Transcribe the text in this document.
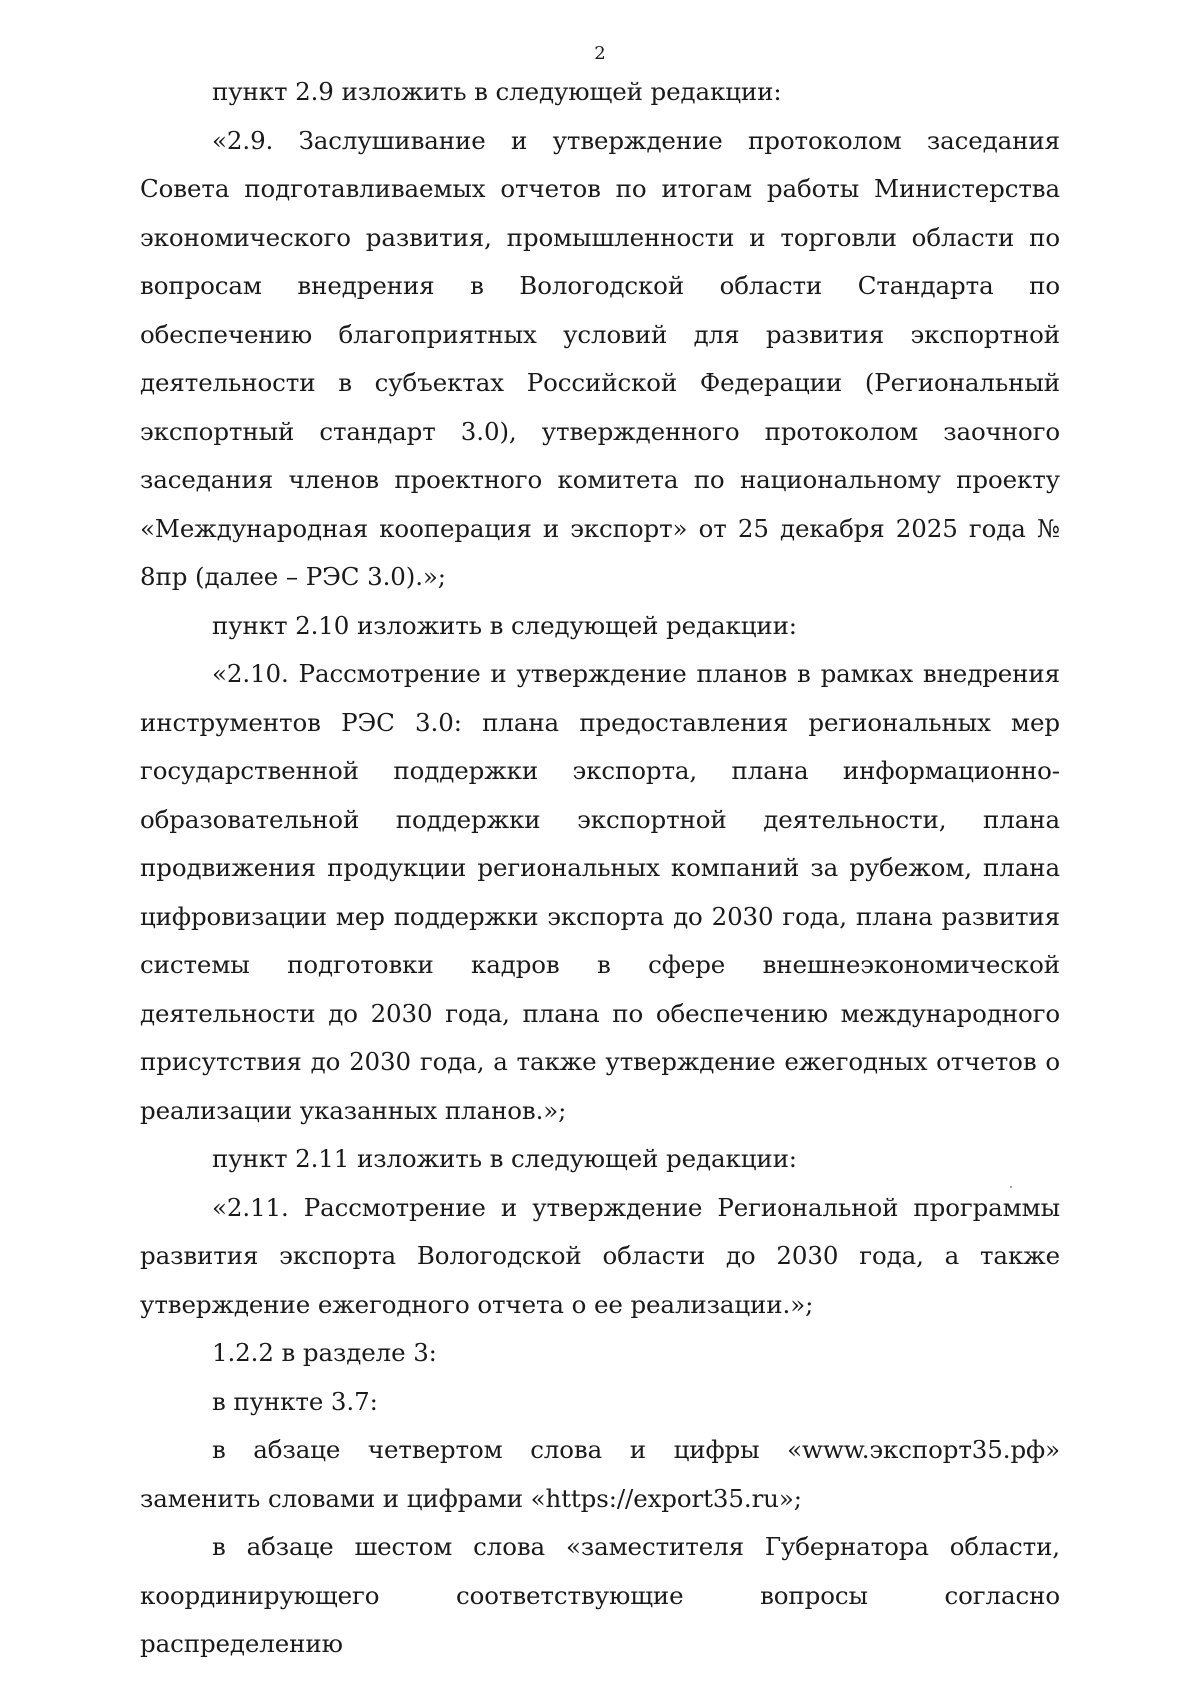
2

пункт 2.9 изложить в следующей редакции:

«2.9. Заслушивание и утверждение протоколом заседания Совета подготавливаемых отчетов по итогам работы Министерства экономического развития, промышленности и торговли области по вопросам внедрения в Вологодской области Стандарта по обеспечению благоприятных условий для развития экспортной деятельности в субъектах Российской Федерации (Региональный экспортный стандарт 3.0), утвержденного протоколом заочного заседания членов проектного комитета по национальному проекту «Международная кооперация и экспорт» от 25 декабря 2025 года № 8пр (далее – РЭС 3.0).»;

пункт 2.10 изложить в следующей редакции:

«2.10. Рассмотрение и утверждение планов в рамках внедрения инструментов РЭС 3.0: плана предоставления региональных мер государственной поддержки экспорта, плана информационно-образовательной поддержки экспортной деятельности, плана продвижения продукции региональных компаний за рубежом, плана цифровизации мер поддержки экспорта до 2030 года, плана развития системы подготовки кадров в сфере внешнеэкономической деятельности до 2030 года, плана по обеспечению международного присутствия до 2030 года, а также утверждение ежегодных отчетов о реализации указанных планов.»;

пункт 2.11 изложить в следующей редакции:

«2.11. Рассмотрение и утверждение Региональной программы развития экспорта Вологодской области до 2030 года, а также утверждение ежегодного отчета о ее реализации.»;

1.2.2 в разделе 3:

в пункте 3.7:

в абзаце четвертом слова и цифры «www.экспорт35.рф» заменить словами и цифрами «https://export35.ru»;

в абзаце шестом слова «заместителя Губернатора области, координирующего соответствующие вопросы согласно распределению
